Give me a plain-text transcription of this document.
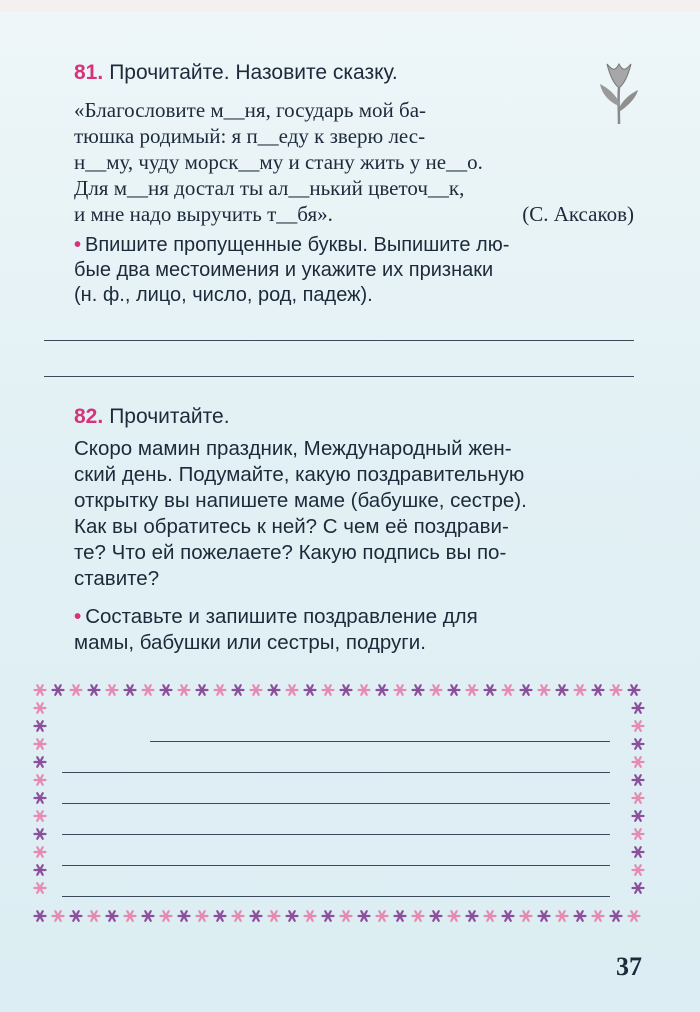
81. Прочитайте. Назовите сказку.
«Благословите м__ня, государь мой ба-
тюшка родимый: я п__еду к зверю лес-
н__му, чуду морск__му и стану жить у не__о.
Для м__ня достал ты ал__нький цветоч__к,
и мне надо выручить т__бя».	(С. Аксаков)
• Впишите пропущенные буквы. Выпишите лю-
бые два местоимения и укажите их признаки
(н. ф., лицо, число, род, падеж).
82. Прочитайте.
Скоро мамин праздник, Международный жен-
ский день. Подумайте, какую поздравительную
открытку вы напишете маме (бабушке, сестре).
Как вы обратитесь к ней? С чем её поздрави-
те? Что ей пожелаете? Какую подпись вы по-
ставите?
• Составьте и запишите поздравление для
мамы, бабушки или сестры, подруги.
37
